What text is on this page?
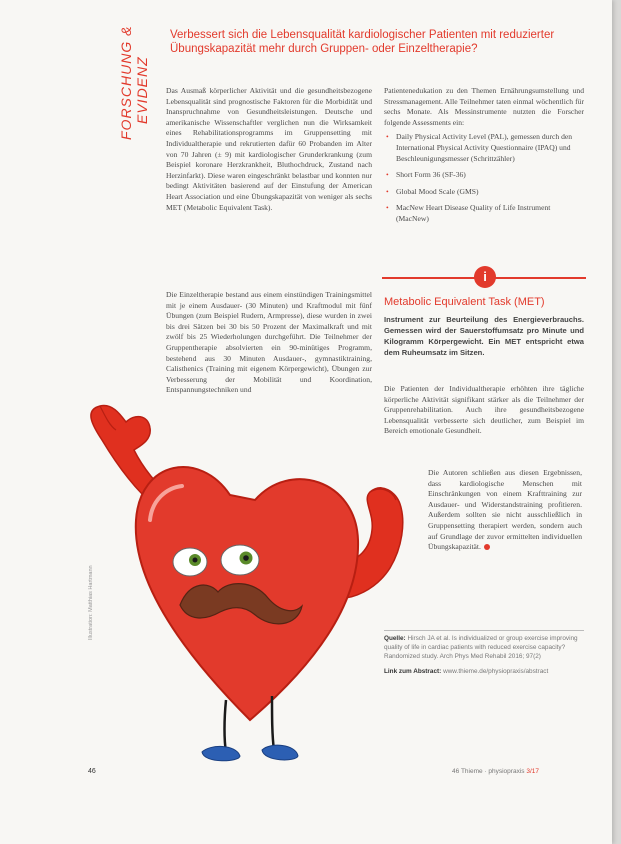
FORSCHUNG & EVIDENZ
Verbessert sich die Lebensqualität kardiologischer Patienten mit reduzierter Übungskapazität mehr durch Gruppen- oder Einzeltherapie?

Das Ausmaß körperlicher Aktivität und die gesundheitsbezogene Lebensqualität sind prognostische Faktoren für die Morbidität und Inanspruchnahme von Gesundheitsleistungen. Deutsche und amerikanische Wissenschaftler verglichen nun die Wirksamkeit eines Rehabilitationsprogramms im Gruppensetting mit Individualtherapie und rekrutierten dafür 60 Probanden im Alter von 70 Jahren (± 9) mit kardiologischer Grunderkrankung (zum Beispiel koronare Herzkrankheit, Bluthochdruck, Zustand nach Herzinfarkt). Diese waren eingeschränkt belastbar und konnten nur bedingt Aktivitäten basierend auf der Einstufung der American Heart Association und eine Übungskapazität von weniger als sechs MET (Metabolic Equivalent Task).

Die Einzeltherapie bestand aus einem einstündigen Trainingsmittel mit je einem Ausdauer- (30 Minuten) und Kraftmodul mit fünf Übungen (zum Beispiel Rudern, Armpresse), diese wurden in zwei bis drei Sätzen bei 30 bis 50 Prozent der Maximalkraft und mit zwölf bis 25 Wiederholungen durchgeführt. Die Teilnehmer der Gruppentherapie absolvierten ein 90-minütiges Programm, bestehend aus 30 Minuten Ausdauer-, gymnastiktraining, Calisthenics (Training mit eigenem Körpergewicht), Übungen zur Verbesserung der Mobilität und Koordination, Entspannungstechniken und

Patientenedukation zu den Themen Ernährungsumstellung und Stressmanagement. Alle Teilnehmer taten einmal wöchentlich für sechs Monate. Als Messinstrumente nutzten die Forscher folgende Assessments ein:

• Daily Physical Activity Level (PAL), gemessen durch den International Physical Activity Questionnaire (IPAQ) und Beschleunigungsmesser (Schrittzähler)
• Short Form 36 (SF-36)
• Global Mood Scale (GMS)
• MacNew Heart Disease Quality of Life Instrument (MacNew)
i
Metabolic Equivalent Task (MET)
Instrument zur Beurteilung des Energieverbrauchs. Gemessen wird der Sauerstoffumsatz pro Minute und Kilogramm Körpergewicht. Ein MET entspricht etwa dem Ruheumsatz im Sitzen.
Die Patienten der Individualtherapie erhöhten ihre tägliche körperliche Aktivität signifikant stärker als die Teilnehmer der Gruppenrehabilitation. Auch ihre gesundheitsbezogene Lebensqualität verbesserte sich deutlicher, zum Beispiel im Bereich emotionale Gesundheit.
Die Autoren schließen aus diesen Ergebnissen, dass kardiologische Menschen mit Einschränkungen von einem Krafttraining zur Ausdauer- und Widerstandstraining profitieren. Außerdem sollten sie nicht ausschließlich in Gruppensetting therapiert werden, sondern auch auf Grundlage der zuvor ermittelten individuellen Übungskapazität.

Quelle: Hirsch JA et al. Is individualized or group exercise improving quality of life in cardiac patients with reduced exercise capacity? Randomized study. Arch Phys Med Rehabil 2016; 97(2)

Link zum Abstract: www.thieme.de/physiopraxis/abstract

Illustration: Matthias Hartmann
46	46 Thieme · physiopraxis 3/17
